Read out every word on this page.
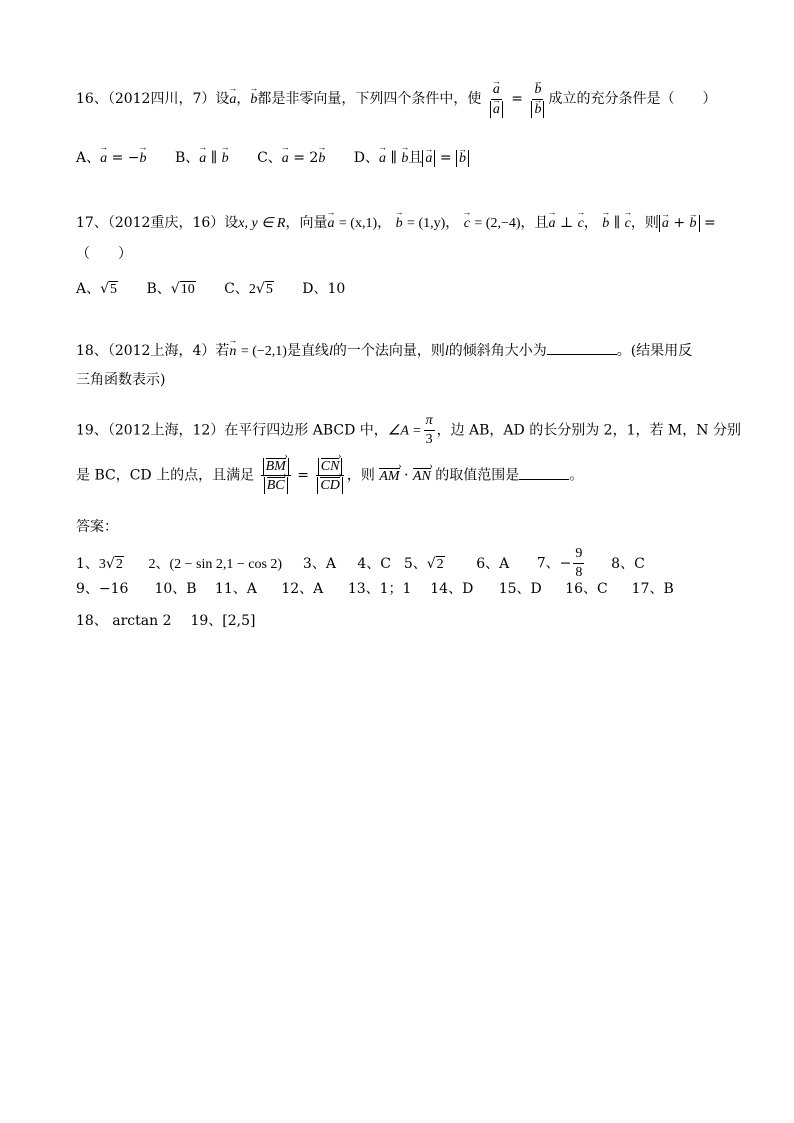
16、（2012四川，7）设a →，b →都是非零向量，下列四个条件中，使 $\frac{a \to}{a}$ → = $\frac{b \to}{b}$ → 成立的充分条件是（　　）
A、a → = −b → B、a → ∥ b → C、a → = 2b → D、a → ∥ b →且 a → = b →
17、（2012重庆，16）设x, y ∈ R，向量a → = (x,1)， b → = (1,y)， c → = (2,−4)，且a → ⊥ c →， b → ∥ c →，则 a → + b → =
（　　）
A、√5 B、√10 C、2√5 D、10
18、（2012上海，4）若n → = (−2,1)是直线l的一个法向量，则l的倾斜角大小为	。(结果用反
三角函数表示)
19、（2012上海，12）在平行四边形 ABCD 中，∠A = $\frac{\pi}{3}$ ，边 AB，AD 的长分别为 2，1，若 M，N 分别
是 BC，CD 上的点，且满足 $\frac{BM ›}{BC}$ › = $\frac{CN ›}{CD}$ › ，则 AM › · AN › 的取值范围是	。
答案：
1、3√2 2、(2 − sin 2,1 − cos 2) 3、A 4、C 5、√2 6、A 7、− $\frac{9}{8} 8$、C
9、−16 10、B 11、A 12、A 13、1；1 14、D 15、D 16、C 17、B
18、 arctan 2 19、[2,5]
